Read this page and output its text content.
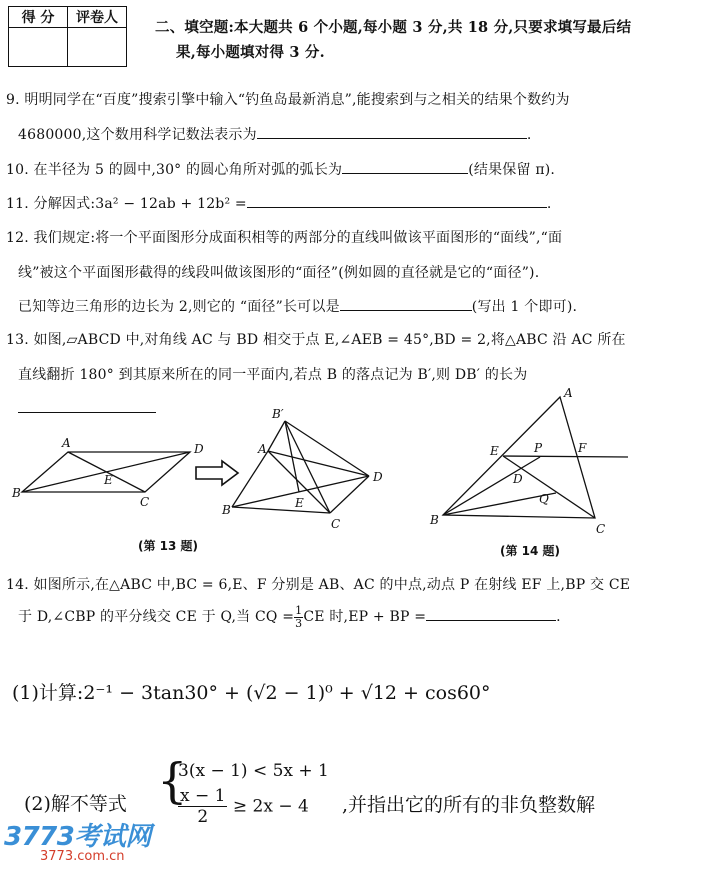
得 分	评卷人

二、填空题:本大题共 6 个小题,每小题 3 分,共 18 分,只要求填写最后结
果,每小题填对得 3 分.
9. 明明同学在“百度”搜索引擎中输入“钓鱼岛最新消息”,能搜索到与之相关的结果个数约为
4680000,这个数用科学记数法表示为	.
10. 在半径为 5 的圆中,30° 的圆心角所对弧的弧长为	(结果保留 π).
11. 分解因式:3a² − 12ab + 12b² =	.
12. 我们规定:将一个平面图形分成面积相等的两部分的直线叫做该平面图形的“面线”,“面
线”被这个平面图形截得的线段叫做该图形的“面径”(例如圆的直径就是它的“面径”).
已知等边三角形的边长为 2,则它的 “面径”长可以是	(写出 1 个即可).
13. 如图,▱ABCD 中,对角线 AC 与 BD 相交于点 E,∠AEB = 45°,BD = 2,将△ABC 沿 AC 所在
直线翻折 180° 到其原来所在的同一平面内,若点 B 的落点记为 B′,则 DB′ 的长为
A	D
B
C
E
B′
A
D
B
C
E
A
E	P	F
D
Q
B
C
(第 13 题)	(第 14 题)
14. 如图所示,在△ABC 中,BC = 6,E、F 分别是 AB、AC 的中点,动点 P 在射线 EF 上,BP 交 CE
于 D,∠CBP 的平分线交 CE 于 Q,当 CQ = $\frac{1}{3}$ CE 时,EP + BP =	.
(1)计算:2⁻¹ − 3tan30° + (√2 − 1)⁰ + √12 + cos60°
(2)解不等式 {
3(x − 1) < 5x + 1
$\frac{x - 1}{2} \ge 2x - 4$ ,并指出它的所有的非负整数解
3773考试网
3773.com.cn
